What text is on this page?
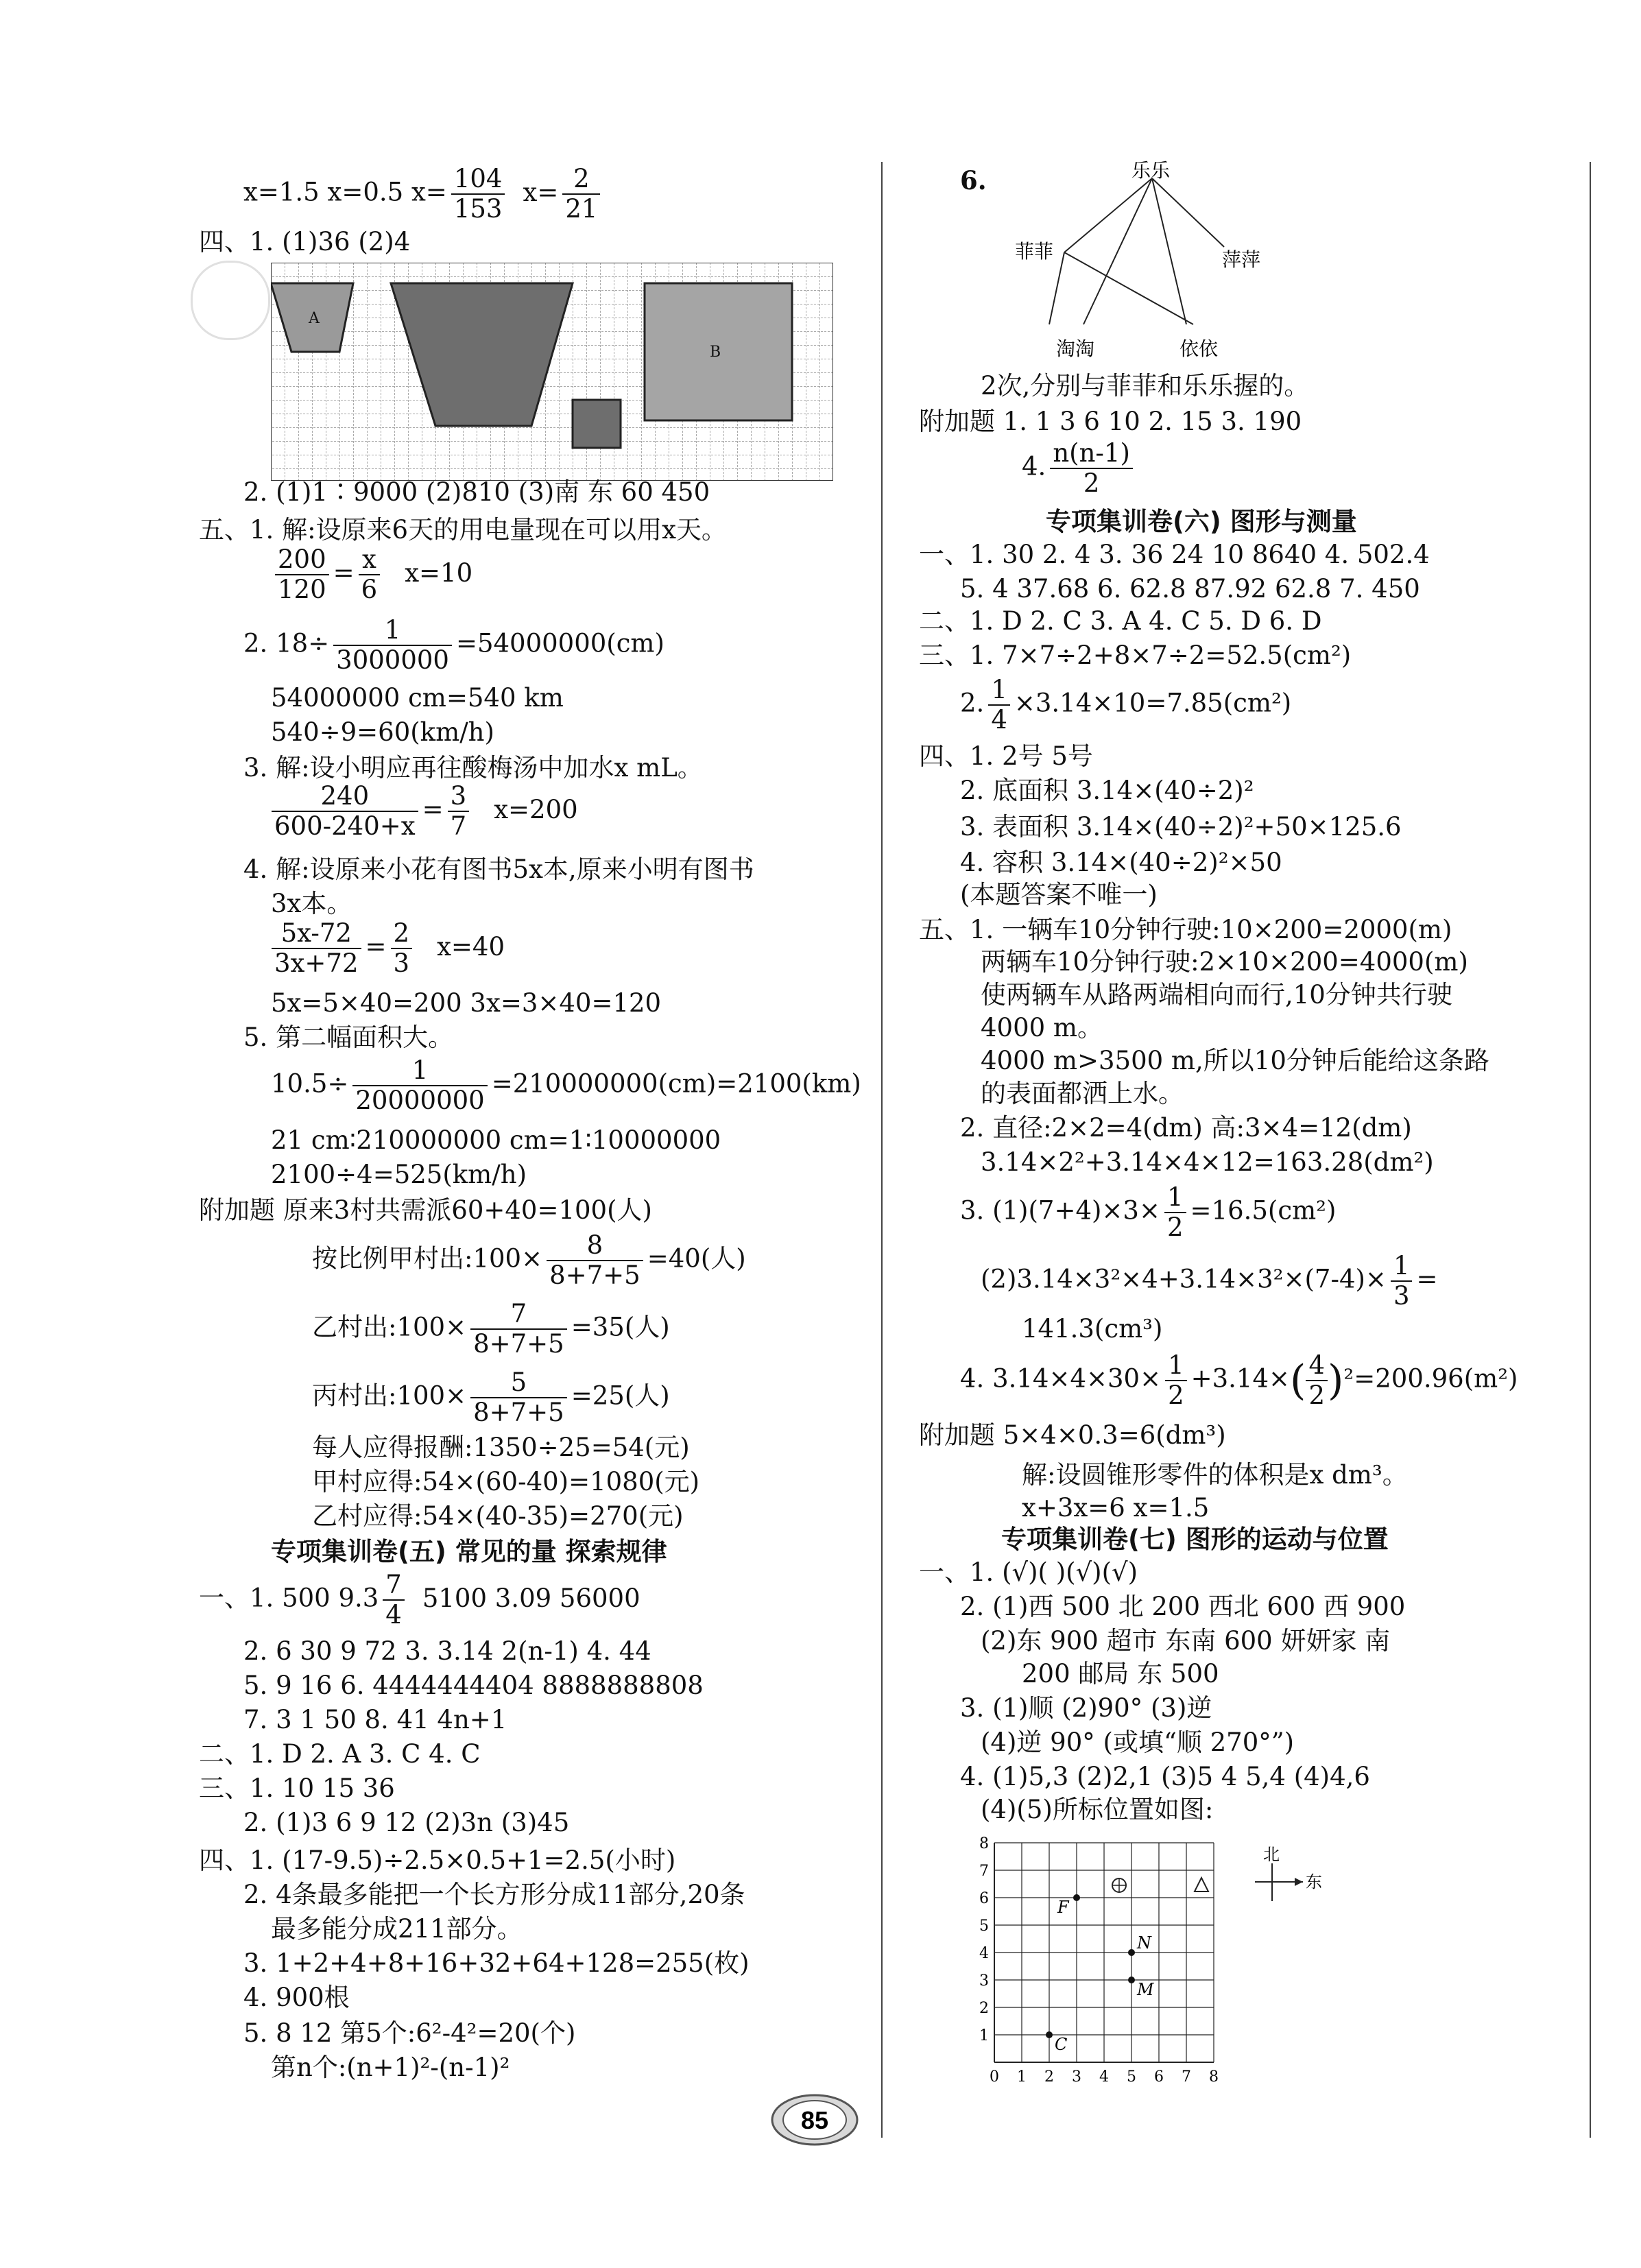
x=1.5 x=0.5 $x= \frac{104}{153} x= \frac{2}{21}$
四、1. (1)36 (2)4
A
B
2. (1)1∶9000 (2)810 (3)南 东 60 450
五、1. 解:设原来6天的用电量现在可以用x天。
$\frac{200}{120} = \frac{x}{6} x=10$
2. $18\div \frac{1}{3000000} =54000000(cm)$
54000000 cm=540 km
540÷9=60(km/h)
3. 解:设小明应再往酸梅汤中加水x mL。
$\frac{240}{600-240+x} = \frac{3}{7} x=200$
4. 解:设原来小花有图书5x本,原来小明有图书
3x本。
$\frac{5x-72}{3x+72} = \frac{2}{3} x=40$
5x=5×40=200 3x=3×40=120
5. 第二幅面积大。
$10.5\div \frac{1}{20000000} =210000000(cm)=2100(km)$
21 cm∶210000000 cm=1∶10000000
2100÷4=525(km/h)
附加题 原来3村共需派60+40=100(人)
按比例甲村出:100× $\frac{8}{8+7+5} =40$(人)
乙村出:100× $\frac{7}{8+7+5} =35$(人)
丙村出:100× $\frac{5}{8+7+5} =25$(人)
每人应得报酬:1350÷25=54(元)
甲村应得:54×(60-40)=1080(元)
乙村应得:54×(40-35)=270(元)
专项集训卷(五) 常见的量 探索规律
一、1. 500 $9.3 \frac{7}{4} 5100$ 3.09 56000
2. 6 30 9 72 3. 3.14 2(n-1) 4. 44
5. 9 16 6. 4444444404 8888888808
7. 3 1 50 8. 41 4n+1
二、1. D 2. A 3. C 4. C
三、1. 10 15 36
2. (1)3 6 9 12 (2)3n (3)45
四、1. (17-9.5)÷2.5×0.5+1=2.5(小时)
2. 4条最多能把一个长方形分成11部分,20条
最多能分成211部分。
3. 1+2+4+8+16+32+64+128=255(枚)
4. 900根
5. 8 12 第5个:6²-4²=20(个)
第n个:(n+1)²-(n-1)²
6.	乐乐
菲菲	萍萍
淘淘	依依
2次,分别与菲菲和乐乐握的。
附加题 1. 1 3 6 10 2. 15 3. 190
4. $\frac{n(n-1)}{2}$
专项集训卷(六) 图形与测量
一、1. 30 2. 4 3. 36 24 10 8640 4. 502.4
5. 4 37.68 6. 62.8 87.92 62.8 7. 450
二、1. D 2. C 3. A 4. C 5. D 6. D
三、1. 7×7÷2+8×7÷2=52.5(cm²)
2. $\frac{1}{4} \times 3.14\times 10=7.85(cm^2)$
四、1. 2号 5号
2. 底面积 3.14×(40÷2)²
3. 表面积 3.14×(40÷2)²+50×125.6
4. 容积 3.14×(40÷2)²×50
(本题答案不唯一)
五、1. 一辆车10分钟行驶:10×200=2000(m)
两辆车10分钟行驶:2×10×200=4000(m)
使两辆车从路两端相向而行,10分钟共行驶
4000 m。
4000 m>3500 m,所以10分钟后能给这条路
的表面都洒上水。
2. 直径:2×2=4(dm) 高:3×4=12(dm)
3.14×2²+3.14×4×12=163.28(dm²)
3. $(1)(7+4)\times 3\times \frac{1}{2} =16.5(cm^2)$
$(2)3.14\times 3^2\times 4+3.14\times 3^2\times(7-4)\times \frac{1}{3}$ =
141.3(cm³)
4. $3.14\times 4\times 30\times \frac{1}{2} +3.14\times( \frac{4}{2} )^2=200.96(m^2)$
附加题 5×4×0.3=6(dm³)
解:设圆锥形零件的体积是x dm³。
x+3x=6 x=1.5
专项集训卷(七) 图形的运动与位置
一、1. (√)( )(√)(√)
2. (1)西 500 北 200 西北 600 西 900
(2)东 900 超市 东南 600 妍妍家 南
200 邮局 东 500
3. (1)顺 (2)90° (3)逆
(4)逆 90° (或填“顺 270°”)
4. (1)5,3 (2)2,1 (3)5 4 5,4 (4)4,6
(4)(5)所标位置如图:
0 1 2 3 4 5 6 7 8
1
2
3
4
5
6
7
8
F
N
M
C
北
东
85
